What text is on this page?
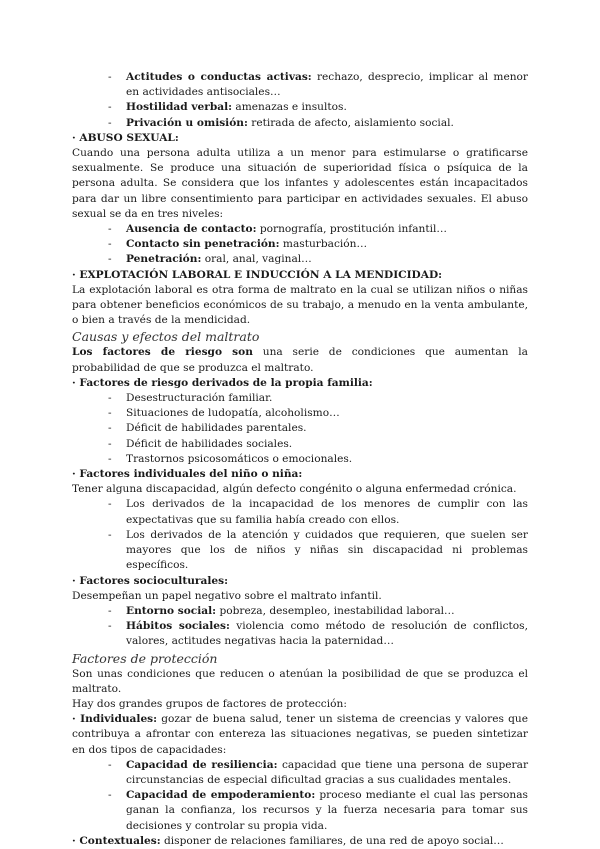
- Actitudes o conductas activas: rechazo, desprecio, implicar al menor en actividades antisociales…
- Hostilidad verbal: amenazas e insultos.
- Privación u omisión: retirada de afecto, aislamiento social.

· ABUSO SEXUAL:

Cuando una persona adulta utiliza a un menor para estimularse o gratificarse sexualmente. Se produce una situación de superioridad física o psíquica de la persona adulta. Se considera que los infantes y adolescentes están incapacitados para dar un libre consentimiento para participar en actividades sexuales. El abuso sexual se da en tres niveles:

- Ausencia de contacto: pornografía, prostitución infantil…
- Contacto sin penetración: masturbación…
- Penetración: oral, anal, vaginal…

· EXPLOTACIÓN LABORAL E INDUCCIÓN A LA MENDICIDAD:

La explotación laboral es otra forma de maltrato en la cual se utilizan niños o niñas para obtener beneficios económicos de su trabajo, a menudo en la venta ambulante, o bien a través de la mendicidad.

Causas y efectos del maltrato

Los factores de riesgo son una serie de condiciones que aumentan la probabilidad de que se produzca el maltrato.

· Factores de riesgo derivados de la propia familia:

- Desestructuración familiar.
- Situaciones de ludopatía, alcoholismo…
- Déficit de habilidades parentales.
- Déficit de habilidades sociales.
- Trastornos psicosomáticos o emocionales.

· Factores individuales del niño o niña:

Tener alguna discapacidad, algún defecto congénito o alguna enfermedad crónica.

- Los derivados de la incapacidad de los menores de cumplir con las expectativas que su familia había creado con ellos.
- Los derivados de la atención y cuidados que requieren, que suelen ser mayores que los de niños y niñas sin discapacidad ni problemas específicos.

· Factores socioculturales:

Desempeñan un papel negativo sobre el maltrato infantil.

- Entorno social: pobreza, desempleo, inestabilidad laboral…
- Hábitos sociales: violencia como método de resolución de conflictos, valores, actitudes negativas hacia la paternidad…

Factores de protección

Son unas condiciones que reducen o atenúan la posibilidad de que se produzca el maltrato.

Hay dos grandes grupos de factores de protección:

· Individuales: gozar de buena salud, tener un sistema de creencias y valores que contribuya a afrontar con entereza las situaciones negativas, se pueden sintetizar en dos tipos de capacidades:

- Capacidad de resiliencia: capacidad que tiene una persona de superar circunstancias de especial dificultad gracias a sus cualidades mentales.
- Capacidad de empoderamiento: proceso mediante el cual las personas ganan la confianza, los recursos y la fuerza necesaria para tomar sus decisiones y controlar su propia vida.

· Contextuales: disponer de relaciones familiares, de una red de apoyo social…
